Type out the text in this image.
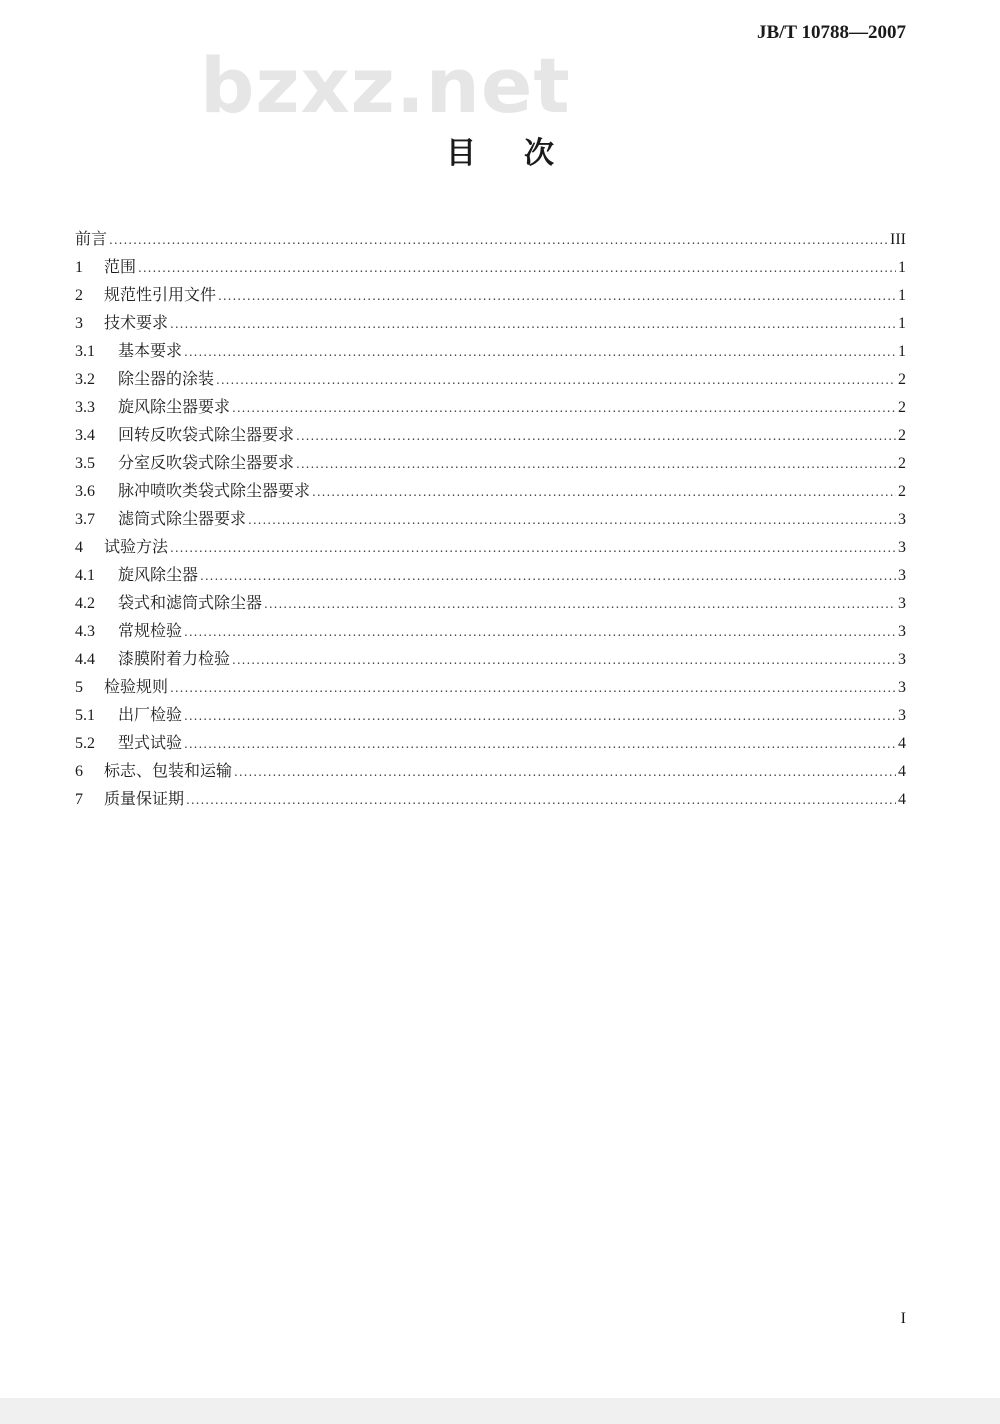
JB/T 10788—2007
bzxz.net
目次
前言 .....	III
1	范围 .....	1
2	规范性引用文件 .....	1
3	技术要求 .....	1
3.1	基本要求 .....	1
3.2	除尘器的涂装 .....	2
3.3	旋风除尘器要求 .....	2
3.4	回转反吹袋式除尘器要求 .....	2
3.5	分室反吹袋式除尘器要求 .....	2
3.6	脉冲喷吹类袋式除尘器要求 .....	2
3.7	滤筒式除尘器要求 .....	3
4	试验方法 .....	3
4.1	旋风除尘器 .....	3
4.2	袋式和滤筒式除尘器 .....	3
4.3	常规检验 .....	3
4.4	漆膜附着力检验 .....	3
5	检验规则 .....	3
5.1	出厂检验 .....	3
5.2	型式试验 .....	4
6	标志、包装和运输 .....	4
7	质量保证期 .....	4
I
